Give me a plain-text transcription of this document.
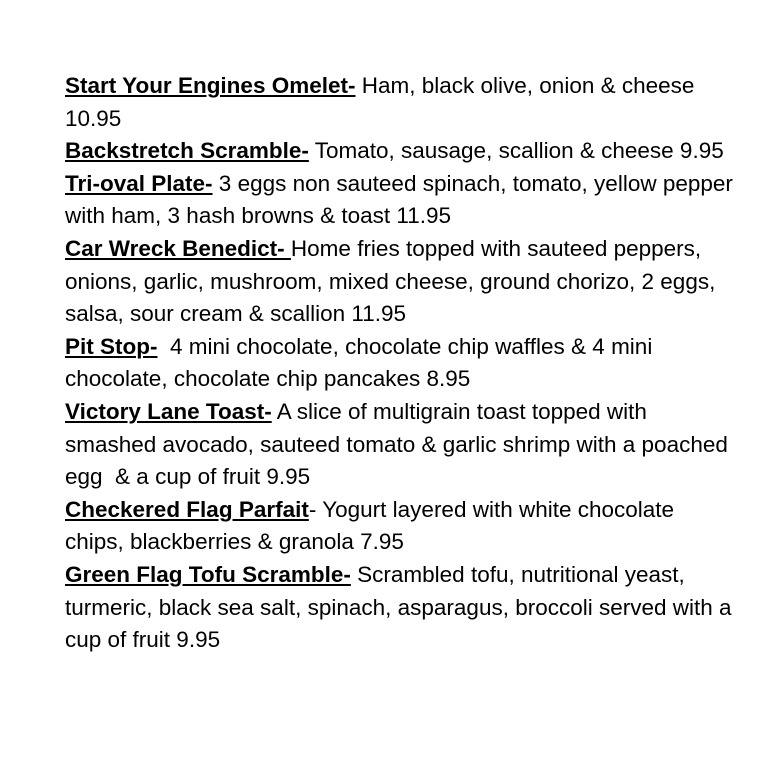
Start Your Engines Omelet- Ham, black olive, onion & cheese 10.95
Backstretch Scramble- Tomato, sausage, scallion & cheese 9.95
Tri-oval Plate- 3 eggs non sauteed spinach, tomato, yellow pepper with ham, 3 hash browns & toast 11.95
Car Wreck Benedict- Home fries topped with sauteed peppers, onions, garlic, mushroom, mixed cheese, ground chorizo, 2 eggs, salsa, sour cream & scallion 11.95
Pit Stop-  4 mini chocolate, chocolate chip waffles & 4 mini chocolate, chocolate chip pancakes 8.95
Victory Lane Toast- A slice of multigrain toast topped with smashed avocado, sauteed tomato & garlic shrimp with a poached egg  & a cup of fruit 9.95
Checkered Flag Parfait- Yogurt layered with white chocolate chips, blackberries & granola 7.95
Green Flag Tofu Scramble- Scrambled tofu, nutritional yeast, turmeric, black sea salt, spinach, asparagus, broccoli served with a cup of fruit 9.95
